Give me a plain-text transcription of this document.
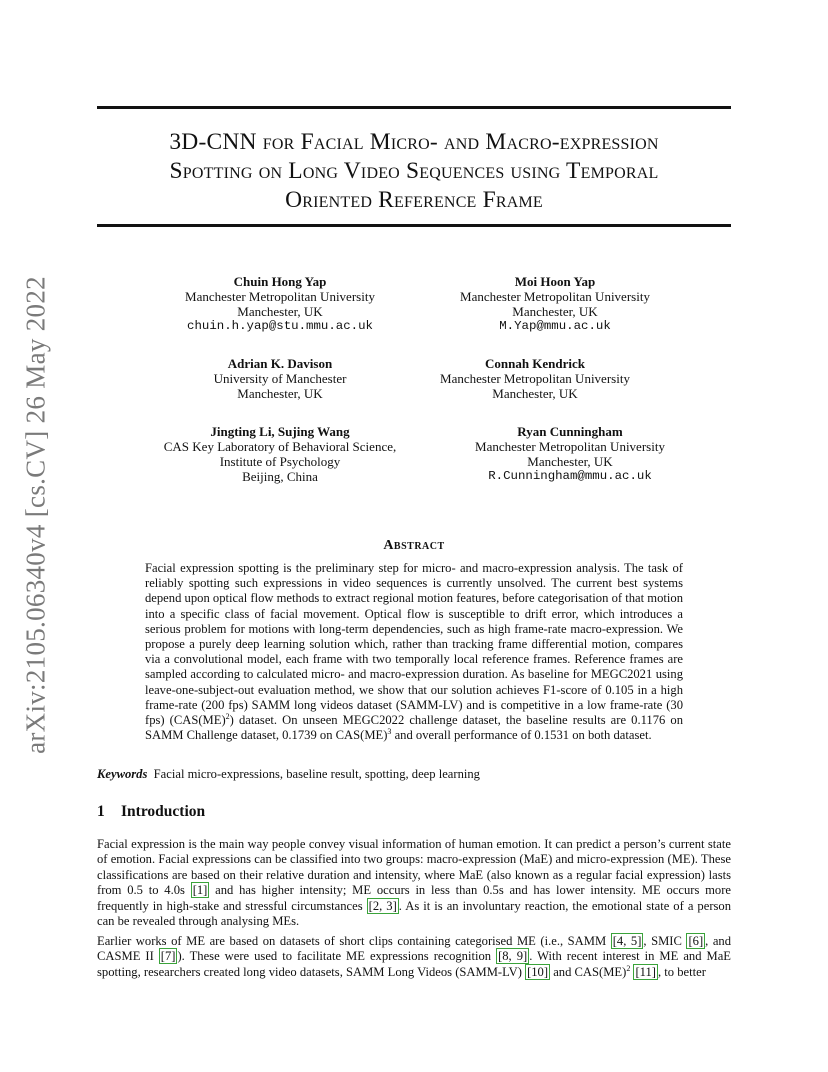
arXiv:2105.06340v4 [cs.CV] 26 May 2022
3D-CNN for Facial Micro- and Macro-expression
Spotting on Long Video Sequences using Temporal
Oriented Reference Frame
Chuin Hong Yap
Manchester Metropolitan University
Manchester, UK
chuin.h.yap@stu.mmu.ac.uk
Moi Hoon Yap
Manchester Metropolitan University
Manchester, UK
M.Yap@mmu.ac.uk
Adrian K. Davison
University of Manchester
Manchester, UK
Connah Kendrick
Manchester Metropolitan University
Manchester, UK
Jingting Li, Sujing Wang
CAS Key Laboratory of Behavioral Science,
Institute of Psychology
Beijing, China
Ryan Cunningham
Manchester Metropolitan University
Manchester, UK
R.Cunningham@mmu.ac.uk
Abstract
Facial expression spotting is the preliminary step for micro- and macro-expression analysis. The task of reliably spotting such expressions in video sequences is currently unsolved. The current best systems depend upon optical flow methods to extract regional motion features, before categorisation of that motion into a specific class of facial movement. Optical flow is susceptible to drift error, which introduces a serious problem for motions with long-term dependencies, such as high frame-rate macro-expression. We propose a purely deep learning solution which, rather than tracking frame differential motion, compares via a convolutional model, each frame with two temporally local reference frames. Reference frames are sampled according to calculated micro- and macro-expression duration. As baseline for MEGC2021 using leave-one-subject-out evaluation method, we show that our solution achieves F1-score of 0.105 in a high frame-rate (200 fps) SAMM long videos dataset (SAMM-LV) and is competitive in a low frame-rate (30 fps) (CAS(ME)$^2$) dataset. On unseen MEGC2022 challenge dataset, the baseline results are 0.1176 on SAMM Challenge dataset, 0.1739 on CAS(ME)$^3$ and overall performance of 0.1531 on both dataset.
Keywords Facial micro-expressions, baseline result, spotting, deep learning
1 Introduction
Facial expression is the main way people convey visual information of human emotion. It can predict a person’s current state of emotion. Facial expressions can be classified into two groups: macro-expression (MaE) and micro-expression (ME). These classifications are based on their relative duration and intensity, where MaE (also known as a regular facial expression) lasts from 0.5 to 4.0s [1] and has higher intensity; ME occurs in less than 0.5s and has lower intensity. ME occurs more frequently in high-stake and stressful circumstances [2, 3] . As it is an involuntary reaction, the emotional state of a person can be revealed through analysing MEs.
Earlier works of ME are based on datasets of short clips containing categorised ME (i.e., SAMM [4, 5] , SMIC [6] , and CASME II [7] ). These were used to facilitate ME expressions recognition [8, 9] . With recent interest in ME and MaE spotting, researchers created long video datasets, SAMM Long Videos (SAMM-LV) [10] and CAS(ME)$^2$ [11] , to better
